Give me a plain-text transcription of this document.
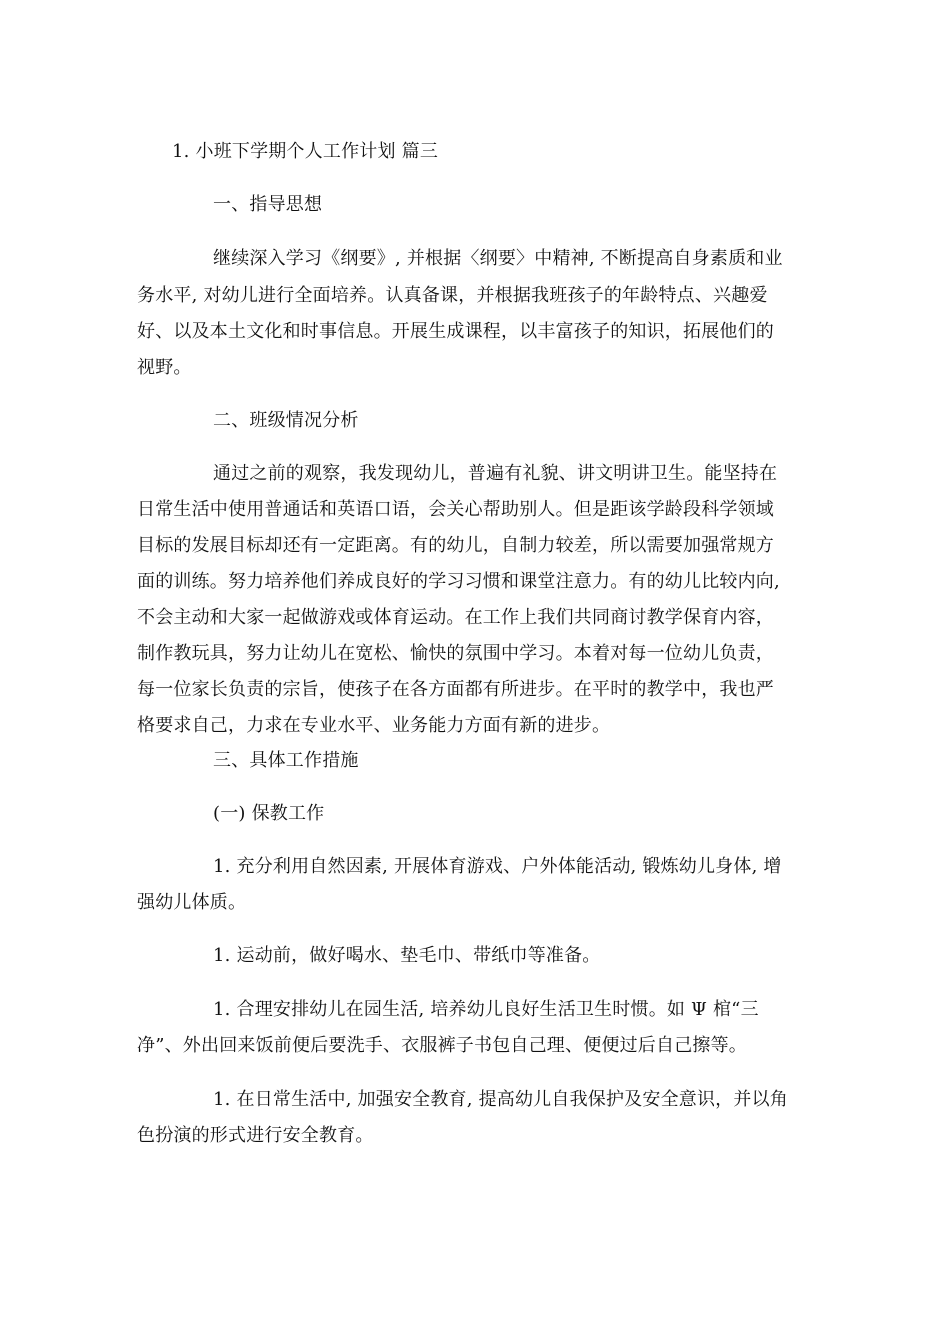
1. 小班下学期个人工作计划 篇三
一、指导思想
继续深入学习《纲要》, 并根据〈纲要〉中精神, 不断提高自身素质和业
务水平, 对幼儿进行全面培养。认真备课，并根据我班孩子的年龄特点、兴趣爱
好、以及本土文化和时事信息。开展生成课程，以丰富孩子的知识，拓展他们的
视野。
二、班级情况分析
通过之前的观察，我发现幼儿，普遍有礼貌、讲文明讲卫生。能坚持在
日常生活中使用普通话和英语口语，会关心帮助别人。但是距该学龄段科学领域
目标的发展目标却还有一定距离。有的幼儿，自制力较差，所以需要加强常规方
面的训练。努力培养他们养成良好的学习习惯和课堂注意力。有的幼儿比较内向,
不会主动和大家一起做游戏或体育运动。在工作上我们共同商讨教学保育内容，
制作教玩具，努力让幼儿在宽松、愉快的氛围中学习。本着对每一位幼儿负责，
每一位家长负责的宗旨，使孩子在各方面都有所进步。在平时的教学中，我也严
格要求自己，力求在专业水平、业务能力方面有新的进步。
三、具体工作措施
(一) 保教工作
1. 充分利用自然因素, 开展体育游戏、户外体能活动, 锻炼幼儿身体, 增
强幼儿体质。
1. 运动前，做好喝水、垫毛巾、带纸巾等准备。
1. 合理安排幼儿在园生活, 培养幼儿良好生活卫生时惯。如 Ψ 棺“三
净”、外出回来饭前便后要洗手、衣服裤子书包自己理、便便过后自己擦等。
1. 在日常生活中, 加强安全教育, 提高幼儿自我保护及安全意识，并以角
色扮演的形式进行安全教育。
